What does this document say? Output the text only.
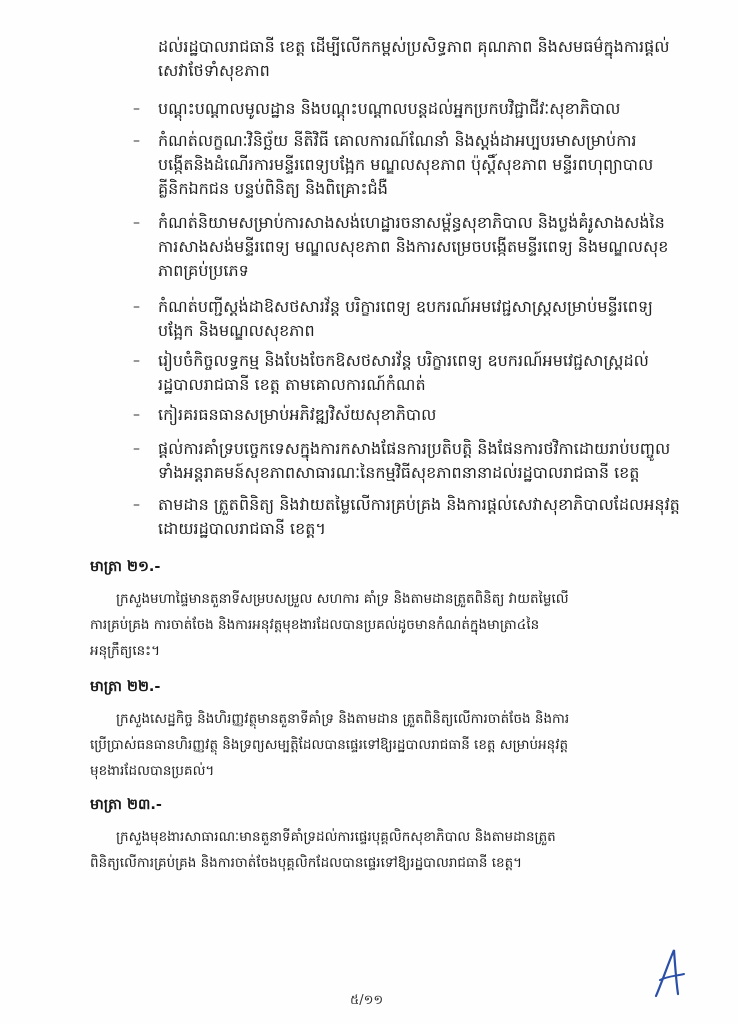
ដល់រដ្ឋបាលរាជធានី ខេត្ត ដើម្បីលើកកម្ពស់ប្រសិទ្ធភាព គុណភាព និងសមធម៌ក្នុងការផ្ដល់
សេវាថែទាំសុខភាព
– បណ្ដុះបណ្ដាលមូលដ្ឋាន និងបណ្ដុះបណ្ដាលបន្តដល់អ្នកប្រកបវិជ្ជាជីវៈសុខាភិបាល
– កំណត់លក្ខណៈវិនិច្ឆ័យ នីតិវិធី គោលការណ៍ណែនាំ និងស្តង់ដាអប្បបរមាសម្រាប់ការ
បង្កើតនិងដំណើរការមន្ទីរពេទ្យបង្អែក មណ្ឌលសុខភាព ប៉ុស្តិ៍សុខភាព មន្ទីរពហុព្យាបាល
គ្លីនិកឯកជន បន្ទប់ពិនិត្យ និងពិគ្រោះជំងឺ
– កំណត់និយាមសម្រាប់ការសាងសង់ហេដ្ឋារចនាសម្ព័ន្ធសុខាភិបាល និងប្លង់គំរូសាងសង់នៃ
ការសាងសង់មន្ទីរពេទ្យ មណ្ឌលសុខភាព និងការសម្រេចបង្កើតមន្ទីរពេទ្យ និងមណ្ឌលសុខ
ភាពគ្រប់ប្រភេទ
– កំណត់បញ្ជីស្តង់ដាឱសថសារវ័ន្ត បរិក្ខារពេទ្យ ឧបករណ៍អមវេជ្ជសាស្ត្រសម្រាប់មន្ទីរពេទ្យ
បង្អែក និងមណ្ឌលសុខភាព
– រៀបចំកិច្ចលទ្ធកម្ម និងបែងចែកឱសថសារវ័ន្ត បរិក្ខារពេទ្យ ឧបករណ៍អមវេជ្ជសាស្ត្រដល់
រដ្ឋបាលរាជធានី ខេត្ត តាមគោលការណ៍កំណត់
– កៀរគរធនធានសម្រាប់អភិវឌ្ឍវិស័យសុខាភិបាល
– ផ្ដល់ការគាំទ្របច្ចេកទេសក្នុងការកសាងផែនការប្រតិបត្តិ និងផែនការថវិកាដោយរាប់បញ្ចូល
ទាំងអន្តរាគមន៍សុខភាពសាធារណៈនៃកម្មវិធីសុខភាពនានាដល់រដ្ឋបាលរាជធានី ខេត្ត
– តាមដាន ត្រួតពិនិត្យ និងវាយតម្លៃលើការគ្រប់គ្រង និងការផ្ដល់សេវាសុខាភិបាលដែលអនុវត្ត
ដោយរដ្ឋបាលរាជធានី ខេត្ត។
មាត្រា ២១.-
ក្រសួងមហាផ្ទៃមានតួនាទីសម្របសម្រួល សហការ គាំទ្រ និងតាមដានត្រួតពិនិត្យ វាយតម្លៃលើ
ការគ្រប់គ្រង ការចាត់ចែង និងការអនុវត្តមុខងារដែលបានប្រគល់ដូចមានកំណត់ក្នុងមាត្រា៤នៃ
អនុក្រឹត្យនេះ។
មាត្រា ២២.-
ក្រសួងសេដ្ឋកិច្ច និងហិរញ្ញវត្ថុមានតួនាទីគាំទ្រ និងតាមដាន ត្រួតពិនិត្យលើការចាត់ចែង និងការ
ប្រើប្រាស់ធនធានហិរញ្ញវត្ថុ និងទ្រព្យសម្បត្តិដែលបានផ្ទេរទៅឱ្យរដ្ឋបាលរាជធានី ខេត្ត សម្រាប់អនុវត្ត
មុខងារដែលបានប្រគល់។
មាត្រា ២៣.-
ក្រសួងមុខងារសាធារណៈមានតួនាទីគាំទ្រដល់ការផ្ទេរបុគ្គលិកសុខាភិបាល និងតាមដានត្រួត
ពិនិត្យលើការគ្រប់គ្រង និងការចាត់ចែងបុគ្គលិកដែលបានផ្ទេរទៅឱ្យរដ្ឋបាលរាជធានី ខេត្ត។
៥/១១
